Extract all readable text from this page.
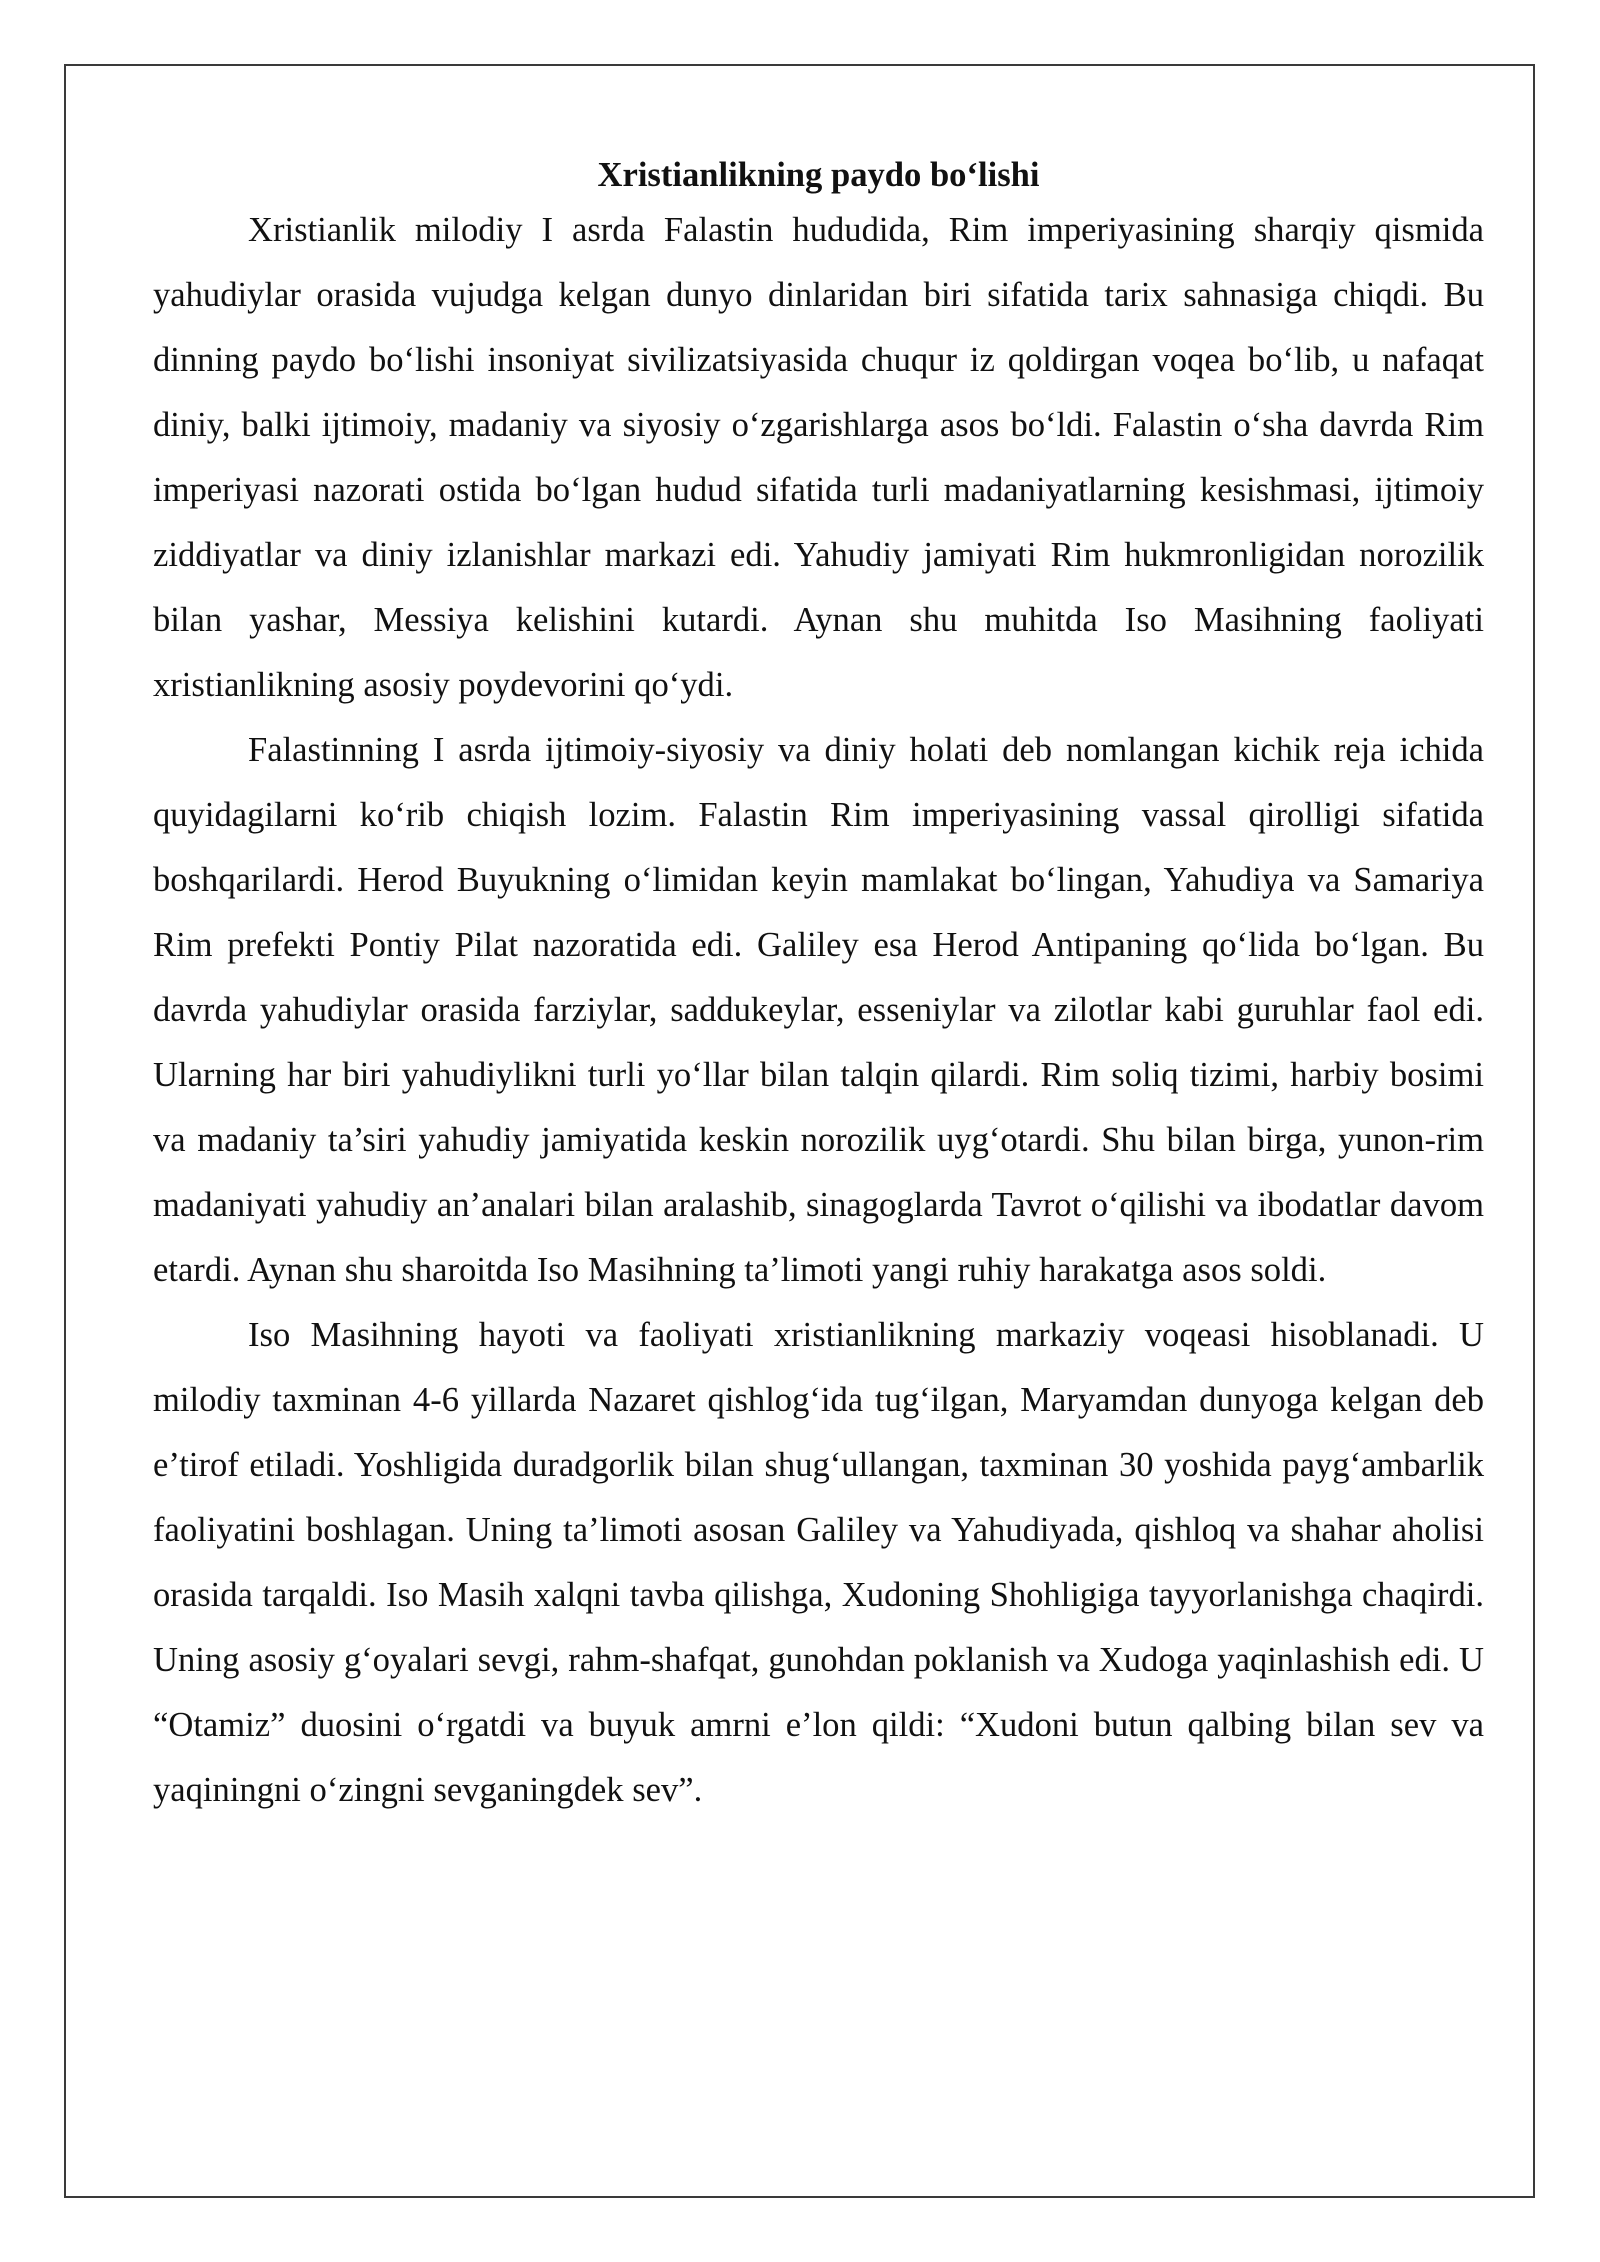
Xristianlikning paydo bo‘lishi

Xristianlik milodiy I asrda Falastin hududida, Rim imperiyasining sharqiy qismida yahudiylar orasida vujudga kelgan dunyo dinlaridan biri sifatida tarix sahnasiga chiqdi. Bu dinning paydo bo‘lishi insoniyat sivilizatsiyasida chuqur iz qoldirgan voqea bo‘lib, u nafaqat diniy, balki ijtimoiy, madaniy va siyosiy o‘zgarishlarga asos bo‘ldi. Falastin o‘sha davrda Rim imperiyasi nazorati ostida bo‘lgan hudud sifatida turli madaniyatlarning kesishmasi, ijtimoiy ziddiyatlar va diniy izlanishlar markazi edi. Yahudiy jamiyati Rim hukmronligidan norozilik bilan yashar, Messiya kelishini kutardi. Aynan shu muhitda Iso Masihning faoliyati xristianlikning asosiy poydevorini qo‘ydi.

Falastinning I asrda ijtimoiy-siyosiy va diniy holati deb nomlangan kichik reja ichida quyidagilarni ko‘rib chiqish lozim. Falastin Rim imperiyasining vassal qirolligi sifatida boshqarilardi. Herod Buyukning o‘limidan keyin mamlakat bo‘lingan, Yahudiya va Samariya Rim prefekti Pontiy Pilat nazoratida edi. Galiley esa Herod Antipaning qo‘lida bo‘lgan. Bu davrda yahudiylar orasida farziylar, saddukeylar, esseniylar va zilotlar kabi guruhlar faol edi. Ularning har biri yahudiylikni turli yo‘llar bilan talqin qilardi. Rim soliq tizimi, harbiy bosimi va madaniy ta’siri yahudiy jamiyatida keskin norozilik uyg‘otardi. Shu bilan birga, yunon-rim madaniyati yahudiy an’analari bilan aralashib, sinagoglarda Tavrot o‘qilishi va ibodatlar davom etardi. Aynan shu sharoitda Iso Masihning ta’limoti yangi ruhiy harakatga asos soldi.

Iso Masihning hayoti va faoliyati xristianlikning markaziy voqeasi hisoblanadi. U milodiy taxminan 4-6 yillarda Nazaret qishlog‘ida tug‘ilgan, Maryamdan dunyoga kelgan deb e’tirof etiladi. Yoshligida duradgorlik bilan shug‘ullangan, taxminan 30 yoshida payg‘ambarlik faoliyatini boshlagan. Uning ta’limoti asosan Galiley va Yahudiyada, qishloq va shahar aholisi orasida tarqaldi. Iso Masih xalqni tavba qilishga, Xudoning Shohligiga tayyorlanishga chaqirdi. Uning asosiy g‘oyalari sevgi, rahm-shafqat, gunohdan poklanish va Xudoga yaqinlashish edi. U “Otamiz” duosini o‘rgatdi va buyuk amrni e’lon qildi: “Xudoni butun qalbing bilan sev va yaqiningni o‘zingni sevganingdek sev”.
